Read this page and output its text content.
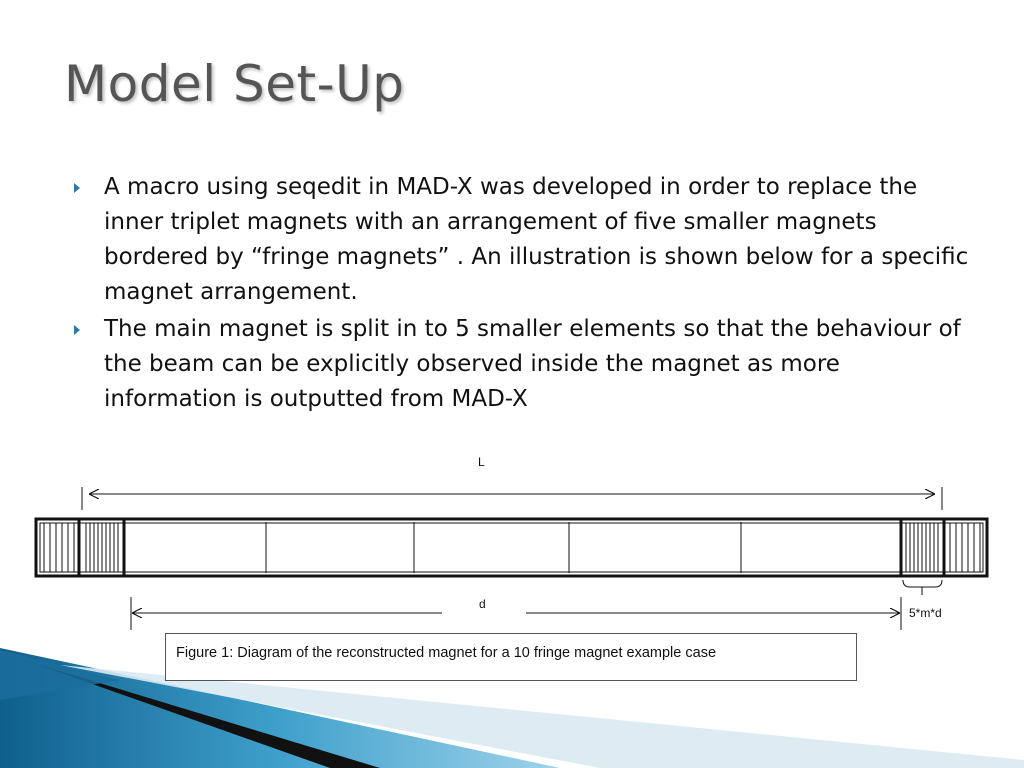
Model Set-Up
A macro using seqedit in MAD-X was developed in order to replace the inner triplet magnets with an arrangement of five smaller magnets bordered by “fringe magnets” . An illustration is shown below for a specific magnet arrangement.
The main magnet is split in to 5 smaller elements so that the behaviour of the beam can be explicitly observed inside the magnet as more information is outputted from MAD-X
L
d
5*m*d
Figure 1: Diagram of the reconstructed magnet for a 10 fringe magnet example case
